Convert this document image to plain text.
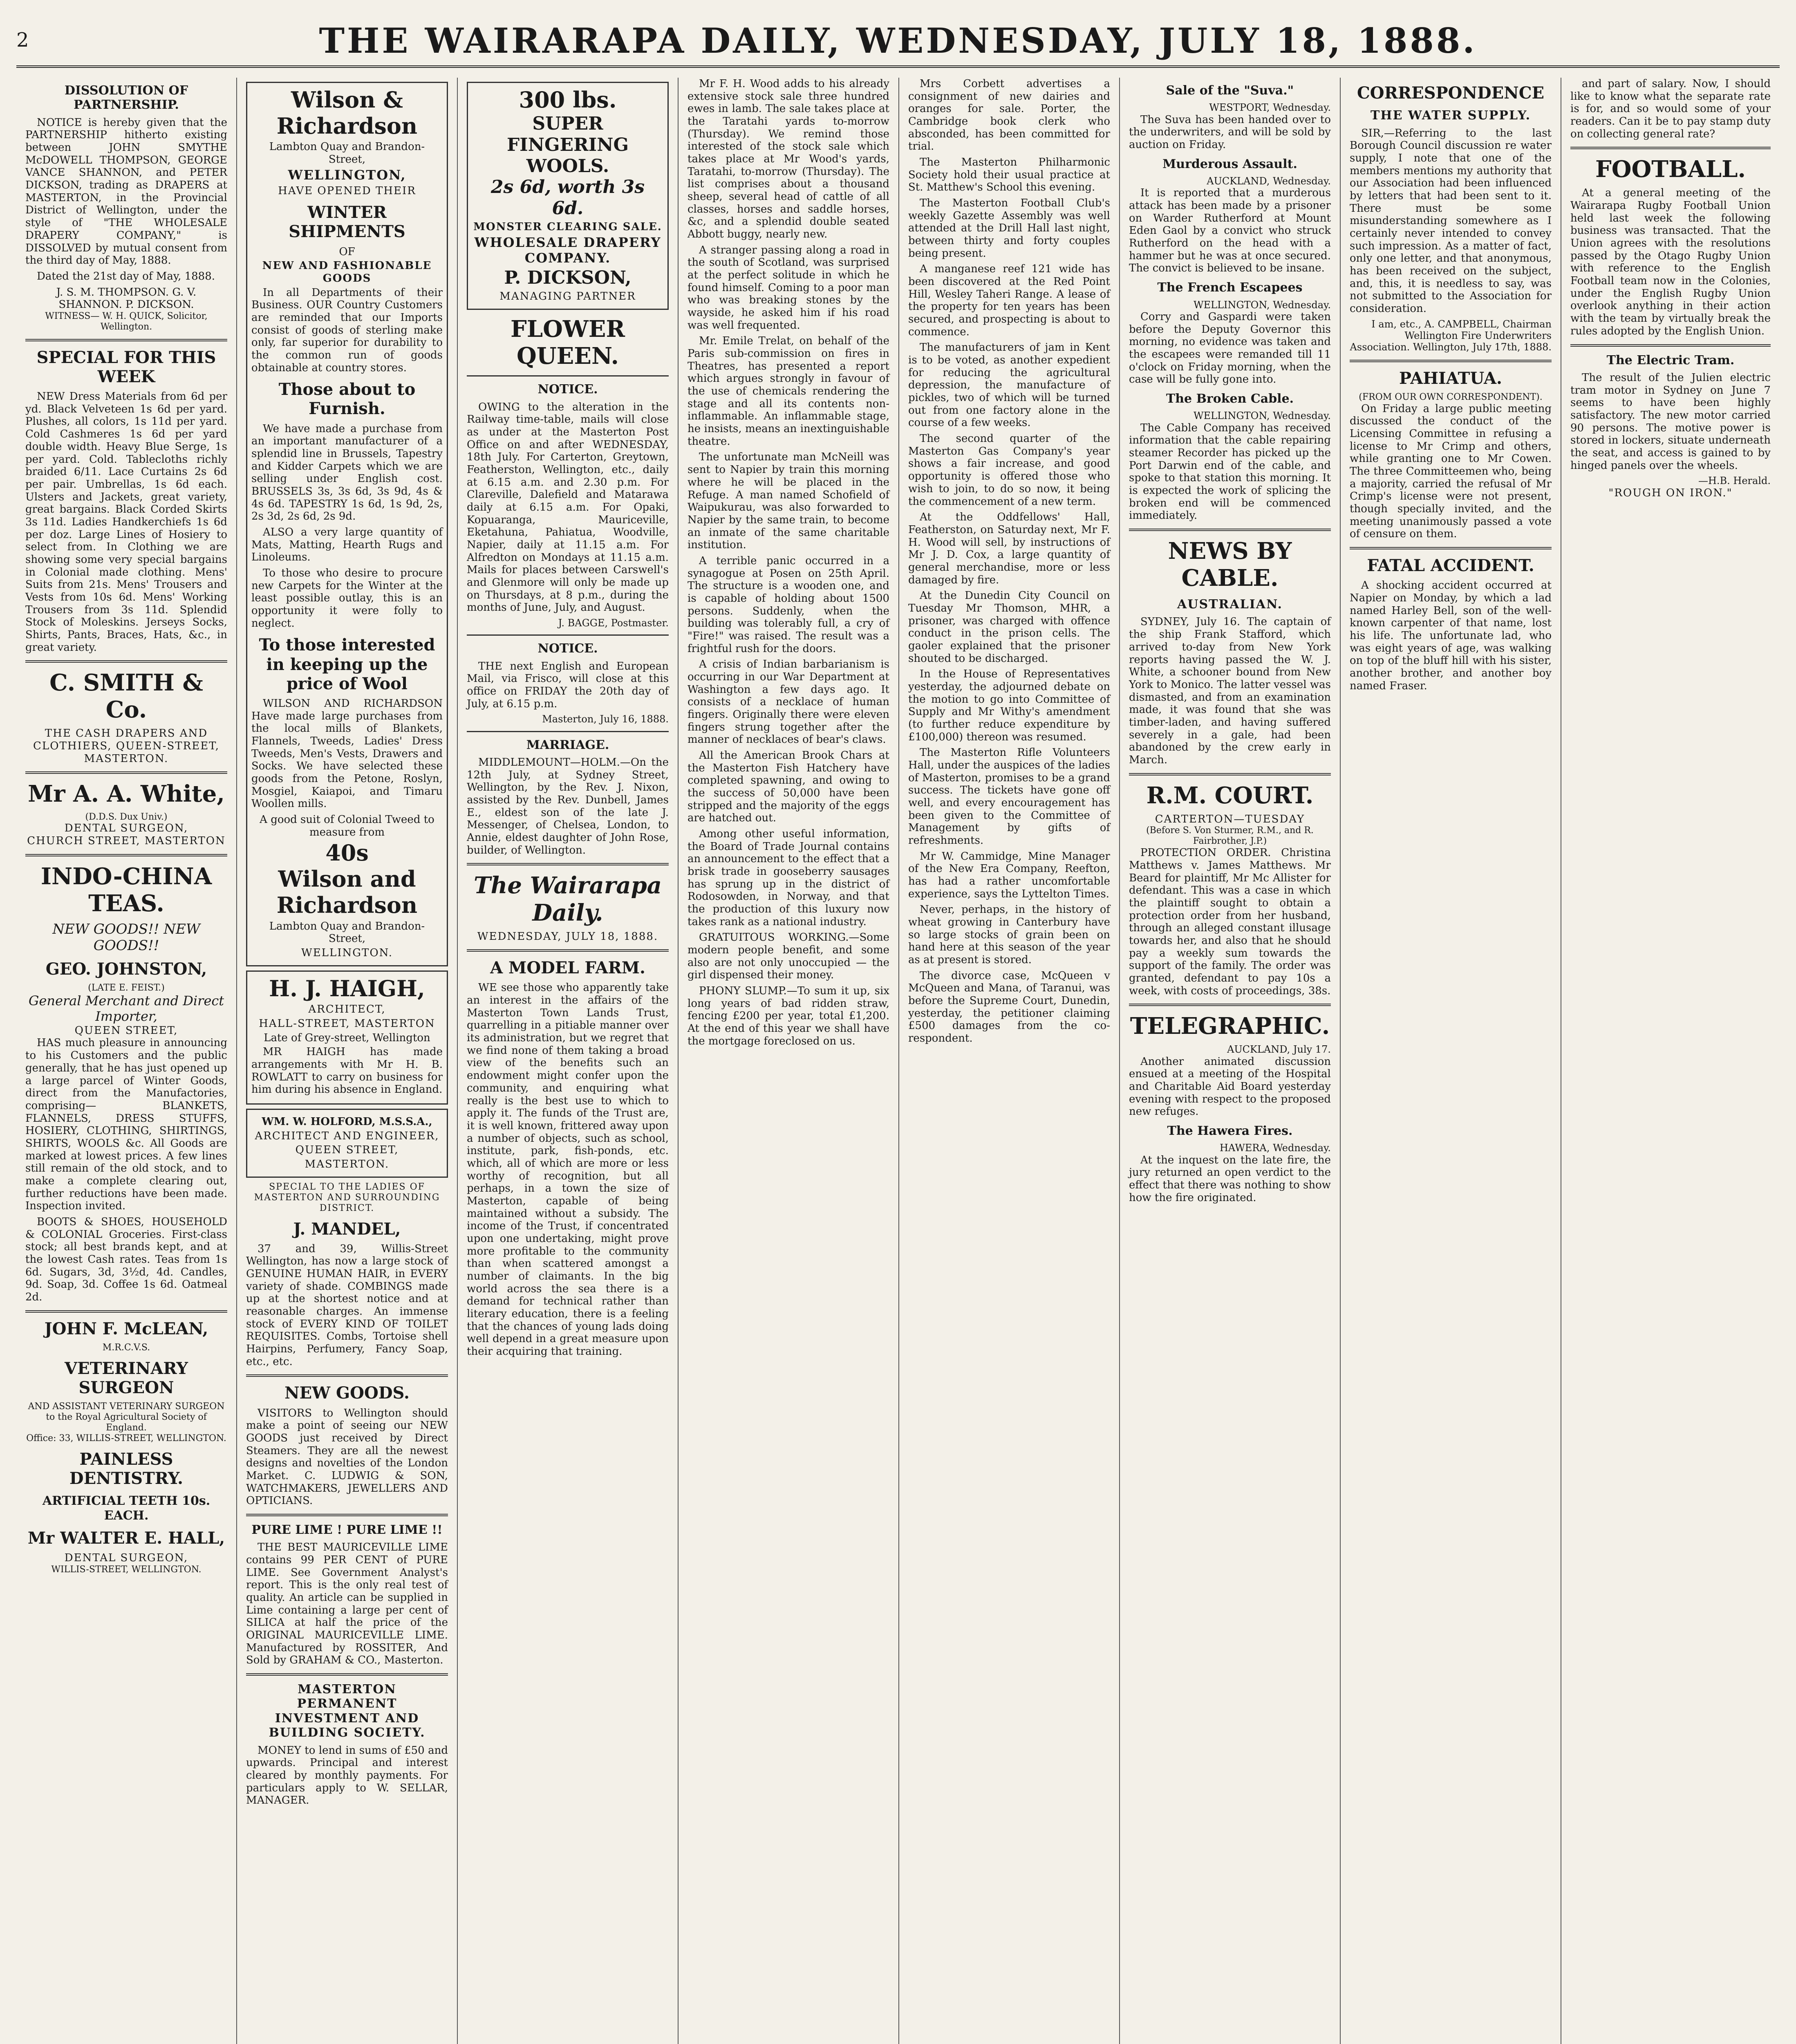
2	THE WAIRARAPA DAILY, WEDNESDAY, JULY 18, 1888.
DISSOLUTION OF PARTNERSHIP.

NOTICE is hereby given that the PARTNERSHIP hitherto existing between JOHN SMYTHE McDOWELL THOMPSON, GEORGE VANCE SHANNON, and PETER DICKSON, trading as DRAPERS at MASTERTON, in the Provincial District of Wellington, under the style of "THE WHOLESALE DRAPERY COMPANY," is DISSOLVED by mutual consent from the third day of May, 1888.

Dated the 21st day of May, 1888.

J. S. M. THOMPSON. G. V. SHANNON. P. DICKSON.
WITNESS— W. H. QUICK, Solicitor, Wellington.
SPECIAL FOR THIS WEEK

NEW Dress Materials from 6d per yd. Black Velveteen 1s 6d per yard. Plushes, all colors, 1s 11d per yard. Cold Cashmeres 1s 6d per yard double width. Heavy Blue Serge, 1s per yard. Cold. Tablecloths richly braided 6/11. Lace Curtains 2s 6d per pair. Umbrellas, 1s 6d each. Ulsters and Jackets, great variety, great bargains. Black Corded Skirts 3s 11d. Ladies Handkerchiefs 1s 6d per doz. Large Lines of Hosiery to select from. In Clothing we are showing some very special bargains in Colonial made clothing. Mens' Suits from 21s. Mens' Trousers and Vests from 10s 6d. Mens' Working Trousers from 3s 11d. Splendid Stock of Moleskins. Jerseys Socks, Shirts, Pants, Braces, Hats, &c., in great variety.

C. SMITH & Co.
THE CASH DRAPERS AND
CLOTHIERS, QUEEN-STREET,
MASTERTON.
Mr A. A. White,
(D.D.S. Dux Univ.)
DENTAL SURGEON,
CHURCH STREET, MASTERTON
INDO-CHINA TEAS.
NEW GOODS!! NEW GOODS!!
GEO. JOHNSTON,
(LATE E. FEIST.)
General Merchant and Direct Importer,
QUEEN STREET,

HAS much pleasure in announcing to his Customers and the public generally, that he has just opened up a large parcel of Winter Goods, direct from the Manufactories, comprising— BLANKETS, FLANNELS, DRESS STUFFS, HOSIERY, CLOTHING, SHIRTINGS, SHIRTS, WOOLS &c. All Goods are marked at lowest prices. A few lines still remain of the old stock, and to make a complete clearing out, further reductions have been made. Inspection invited.

BOOTS & SHOES, HOUSEHOLD & COLONIAL Groceries. First-class stock; all best brands kept, and at the lowest Cash rates. Teas from 1s 6d. Sugars, 3d, 3½d, 4d. Candles, 9d. Soap, 3d. Coffee 1s 6d. Oatmeal 2d.

JOHN F. McLEAN,
M.R.C.V.S.
VETERINARY SURGEON
AND ASSISTANT VETERINARY SURGEON to the Royal Agricultural Society of England.
Office: 33, WILLIS-STREET, WELLINGTON.
PAINLESS DENTISTRY.
ARTIFICIAL TEETH 10s. EACH.
Mr WALTER E. HALL,
DENTAL SURGEON,
WILLIS-STREET, WELLINGTON.
Wilson & Richardson
Lambton Quay and Brandon-Street,
WELLINGTON,
HAVE OPENED THEIR
WINTER SHIPMENTS
OF
NEW AND FASHIONABLE GOODS

In all Departments of their Business. OUR Country Customers are reminded that our Imports consist of goods of sterling make only, far superior for durability to the common run of goods obtainable at country stores.

Those about to Furnish.

We have made a purchase from an important manufacturer of a splendid line in Brussels, Tapestry and Kidder Carpets which we are selling under English cost. BRUSSELS 3s, 3s 6d, 3s 9d, 4s & 4s 6d. TAPESTRY 1s 6d, 1s 9d, 2s, 2s 3d, 2s 6d, 2s 9d.

ALSO a very large quantity of Mats, Matting, Hearth Rugs and Linoleums.

To those who desire to procure new Carpets for the Winter at the least possible outlay, this is an opportunity it were folly to neglect.

To those interested in keeping up the price of Wool

WILSON AND RICHARDSON Have made large purchases from the local mills of Blankets, Flannels, Tweeds, Ladies' Dress Tweeds, Men's Vests, Drawers and Socks. We have selected these goods from the Petone, Roslyn, Mosgiel, Kaiapoi, and Timaru Woollen mills.

A good suit of Colonial Tweed to measure from
40s
Wilson and Richardson
Lambton Quay and Brandon-Street,
WELLINGTON.
H. J. HAIGH,
ARCHITECT,
HALL-STREET, MASTERTON
Late of Grey-street, Wellington

MR HAIGH has made arrangements with Mr H. B. ROWLATT to carry on business for him during his absence in England.

WM. W. HOLFORD, M.S.S.A.,
ARCHITECT AND ENGINEER,
QUEEN STREET,
MASTERTON.
SPECIAL TO THE LADIES OF MASTERTON AND SURROUNDING DISTRICT.
J. MANDEL,

37 and 39, Willis-Street Wellington, has now a large stock of GENUINE HUMAN HAIR, in EVERY variety of shade. COMBINGS made up at the shortest notice and at reasonable charges. An immense stock of EVERY KIND OF TOILET REQUISITES. Combs, Tortoise shell Hairpins, Perfumery, Fancy Soap, etc., etc.

NEW GOODS.

VISITORS to Wellington should make a point of seeing our NEW GOODS just received by Direct Steamers. They are all the newest designs and novelties of the London Market. C. LUDWIG & SON, WATCHMAKERS, JEWELLERS AND OPTICIANS.

PURE LIME ! PURE LIME !!

THE BEST MAURICEVILLE LIME contains 99 PER CENT of PURE LIME. See Government Analyst's report. This is the only real test of quality. An article can be supplied in Lime containing a large per cent of SILICA at half the price of the ORIGINAL MAURICEVILLE LIME. Manufactured by ROSSITER, And Sold by GRAHAM & CO., Masterton.

MASTERTON PERMANENT INVESTMENT AND BUILDING SOCIETY.

MONEY to lend in sums of £50 and upwards. Principal and interest cleared by monthly payments. For particulars apply to W. SELLAR, MANAGER.

300 lbs.
SUPER FINGERING WOOLS.
2s 6d, worth 3s 6d.
MONSTER CLEARING SALE.
WHOLESALE DRAPERY COMPANY.
P. DICKSON,
MANAGING PARTNER
FLOWER QUEEN.
NOTICE.

OWING to the alteration in the Railway time-table, mails will close as under at the Masterton Post Office on and after WEDNESDAY, 18th July. For Carterton, Greytown, Featherston, Wellington, etc., daily at 6.15 a.m. and 2.30 p.m. For Clareville, Dalefield and Matarawa daily at 6.15 a.m. For Opaki, Kopuaranga, Mauriceville, Eketahuna, Pahiatua, Woodville, Napier, daily at 11.15 a.m. For Alfredton on Mondays at 11.15 a.m. Mails for places between Carswell's and Glenmore will only be made up on Thursdays, at 8 p.m., during the months of June, July, and August.

J. BAGGE, Postmaster.
NOTICE.

THE next English and European Mail, via Frisco, will close at this office on FRIDAY the 20th day of July, at 6.15 p.m.

Masterton, July 16, 1888.
MARRIAGE.

MIDDLEMOUNT—HOLM.—On the 12th July, at Sydney Street, Wellington, by the Rev. J. Nixon, assisted by the Rev. Dunbell, James E., eldest son of the late J. Messenger, of Chelsea, London, to Annie, eldest daughter of John Rose, builder, of Wellington.

The Wairarapa Daily.
WEDNESDAY, JULY 18, 1888.
A MODEL FARM.

WE see those who apparently take an interest in the affairs of the Masterton Town Lands Trust, quarrelling in a pitiable manner over its administration, but we regret that we find none of them taking a broad view of the benefits such an endowment might confer upon the community, and enquiring what really is the best use to which to apply it. The funds of the Trust are, it is well known, frittered away upon a number of objects, such as school, institute, park, fish-ponds, etc. which, all of which are more or less worthy of recognition, but all perhaps, in a town the size of Masterton, capable of being maintained without a subsidy. The income of the Trust, if concentrated upon one undertaking, might prove more profitable to the community than when scattered amongst a number of claimants. In the big world across the sea there is a demand for technical rather than literary education, there is a feeling that the chances of young lads doing well depend in a great measure upon their acquiring that training.

Mr F. H. Wood adds to his already extensive stock sale three hundred ewes in lamb. The sale takes place at the Taratahi yards to-morrow (Thursday). We remind those interested of the stock sale which takes place at Mr Wood's yards, Taratahi, to-morrow (Thursday). The list comprises about a thousand sheep, several head of cattle of all classes, horses and saddle horses, &c, and a splendid double seated Abbott buggy, nearly new.

A stranger passing along a road in the south of Scotland, was surprised at the perfect solitude in which he found himself. Coming to a poor man who was breaking stones by the wayside, he asked him if his road was well frequented.

Mr. Emile Trelat, on behalf of the Paris sub-commission on fires in Theatres, has presented a report which argues strongly in favour of the use of chemicals rendering the stage and all its contents non-inflammable. An inflammable stage, he insists, means an inextinguishable theatre.

The unfortunate man McNeill was sent to Napier by train this morning where he will be placed in the Refuge. A man named Schofield of Waipukurau, was also forwarded to Napier by the same train, to become an inmate of the same charitable institution.

A terrible panic occurred in a synagogue at Posen on 25th April. The structure is a wooden one, and is capable of holding about 1500 persons. Suddenly, when the building was tolerably full, a cry of "Fire!" was raised. The result was a frightful rush for the doors.

A crisis of Indian barbarianism is occurring in our War Department at Washington a few days ago. It consists of a necklace of human fingers. Originally there were eleven fingers strung together after the manner of necklaces of bear's claws.

All the American Brook Chars at the Masterton Fish Hatchery have completed spawning, and owing to the success of 50,000 have been stripped and the majority of the eggs are hatched out.

Among other useful information, the Board of Trade Journal contains an announcement to the effect that a brisk trade in gooseberry sausages has sprung up in the district of Rodosowden, in Norway, and that the production of this luxury now takes rank as a national industry.

GRATUITOUS WORKING.—Some modern people benefit, and some also are not only unoccupied — the girl dispensed their money.

PHONY SLUMP.—To sum it up, six long years of bad ridden straw, fencing £200 per year, total £1,200. At the end of this year we shall have the mortgage foreclosed on us.

Mrs Corbett advertises a consignment of new dairies and oranges for sale. Porter, the Cambridge book clerk who absconded, has been committed for trial.

The Masterton Philharmonic Society hold their usual practice at St. Matthew's School this evening.

The Masterton Football Club's weekly Gazette Assembly was well attended at the Drill Hall last night, between thirty and forty couples being present.

A manganese reef 121 wide has been discovered at the Red Point Hill, Wesley Taheri Range. A lease of the property for ten years has been secured, and prospecting is about to commence.

The manufacturers of jam in Kent is to be voted, as another expedient for reducing the agricultural depression, the manufacture of pickles, two of which will be turned out from one factory alone in the course of a few weeks.

The second quarter of the Masterton Gas Company's year shows a fair increase, and good opportunity is offered those who wish to join, to do so now, it being the commencement of a new term.

At the Oddfellows' Hall, Featherston, on Saturday next, Mr F. H. Wood will sell, by instructions of Mr J. D. Cox, a large quantity of general merchandise, more or less damaged by fire.

At the Dunedin City Council on Tuesday Mr Thomson, MHR, a prisoner, was charged with offence conduct in the prison cells. The gaoler explained that the prisoner shouted to be discharged.

In the House of Representatives yesterday, the adjourned debate on the motion to go into Committee of Supply and Mr Withy's amendment (to further reduce expenditure by £100,000) thereon was resumed.

The Masterton Rifle Volunteers Hall, under the auspices of the ladies of Masterton, promises to be a grand success. The tickets have gone off well, and every encouragement has been given to the Committee of Management by gifts of refreshments.

Mr W. Cammidge, Mine Manager of the New Era Company, Reefton, has had a rather uncomfortable experience, says the Lyttelton Times.

Never, perhaps, in the history of wheat growing in Canterbury have so large stocks of grain been on hand here at this season of the year as at present is stored.

The divorce case, McQueen v McQueen and Mana, of Taranui, was before the Supreme Court, Dunedin, yesterday, the petitioner claiming £500 damages from the co-respondent.

Sale of the "Suva."
WESTPORT, Wednesday.

The Suva has been handed over to the underwriters, and will be sold by auction on Friday.

Murderous Assault.
AUCKLAND, Wednesday.

It is reported that a murderous attack has been made by a prisoner on Warder Rutherford at Mount Eden Gaol by a convict who struck Rutherford on the head with a hammer but he was at once secured. The convict is believed to be insane.

The French Escapees
WELLINGTON, Wednesday.

Corry and Gaspardi were taken before the Deputy Governor this morning, no evidence was taken and the escapees were remanded till 11 o'clock on Friday morning, when the case will be fully gone into.

The Broken Cable.
WELLINGTON, Wednesday.

The Cable Company has received information that the cable repairing steamer Recorder has picked up the Port Darwin end of the cable, and spoke to that station this morning. It is expected the work of splicing the broken end will be commenced immediately.

NEWS BY CABLE.
AUSTRALIAN.

SYDNEY, July 16. The captain of the ship Frank Stafford, which arrived to-day from New York reports having passed the W. J. White, a schooner bound from New York to Monico. The latter vessel was dismasted, and from an examination made, it was found that she was timber-laden, and having suffered severely in a gale, had been abandoned by the crew early in March.

R.M. COURT.
CARTERTON—TUESDAY
(Before S. Von Sturmer, R.M., and R. Fairbrother, J.P.)

PROTECTION ORDER. Christina Matthews v. James Matthews. Mr Beard for plaintiff, Mr Mc Allister for defendant. This was a case in which the plaintiff sought to obtain a protection order from her husband, through an alleged constant illusage towards her, and also that he should pay a weekly sum towards the support of the family. The order was granted, defendant to pay 10s a week, with costs of proceedings, 38s.

TELEGRAPHIC.
AUCKLAND, July 17.

Another animated discussion ensued at a meeting of the Hospital and Charitable Aid Board yesterday evening with respect to the proposed new refuges.

The Hawera Fires.
HAWERA, Wednesday.

At the inquest on the late fire, the jury returned an open verdict to the effect that there was nothing to show how the fire originated.

CORRESPONDENCE
THE WATER SUPPLY.

SIR,—Referring to the last Borough Council discussion re water supply, I note that one of the members mentions my authority that our Association had been influenced by letters that had been sent to it. There must be some misunderstanding somewhere as I certainly never intended to convey such impression. As a matter of fact, only one letter, and that anonymous, has been received on the subject, and, this, it is needless to say, was not submitted to the Association for consideration.

I am, etc., A. CAMPBELL, Chairman Wellington Fire Underwriters Association. Wellington, July 17th, 1888.
PAHIATUA.
(FROM OUR OWN CORRESPONDENT).

On Friday a large public meeting discussed the conduct of the Licensing Committee in refusing a license to Mr Crimp and others, while granting one to Mr Cowen. The three Committeemen who, being a majority, carried the refusal of Mr Crimp's license were not present, though specially invited, and the meeting unanimously passed a vote of censure on them.

FATAL ACCIDENT.

A shocking accident occurred at Napier on Monday, by which a lad named Harley Bell, son of the well-known carpenter of that name, lost his life. The unfortunate lad, who was eight years of age, was walking on top of the bluff hill with his sister, another brother, and another boy named Fraser.

and part of salary. Now, I should like to know what the separate rate is for, and so would some of your readers. Can it be to pay stamp duty on collecting general rate?

FOOTBALL.

At a general meeting of the Wairarapa Rugby Football Union held last week the following business was transacted. That the Union agrees with the resolutions passed by the Otago Rugby Union with reference to the English Football team now in the Colonies, under the English Rugby Union overlook anything in their action with the team by virtually break the rules adopted by the English Union.

The Electric Tram.

The result of the Julien electric tram motor in Sydney on June 7 seems to have been highly satisfactory. The new motor carried 90 persons. The motive power is stored in lockers, situate underneath the seat, and access is gained to by hinged panels over the wheels.

—H.B. Herald.
"ROUGH ON IRON."
